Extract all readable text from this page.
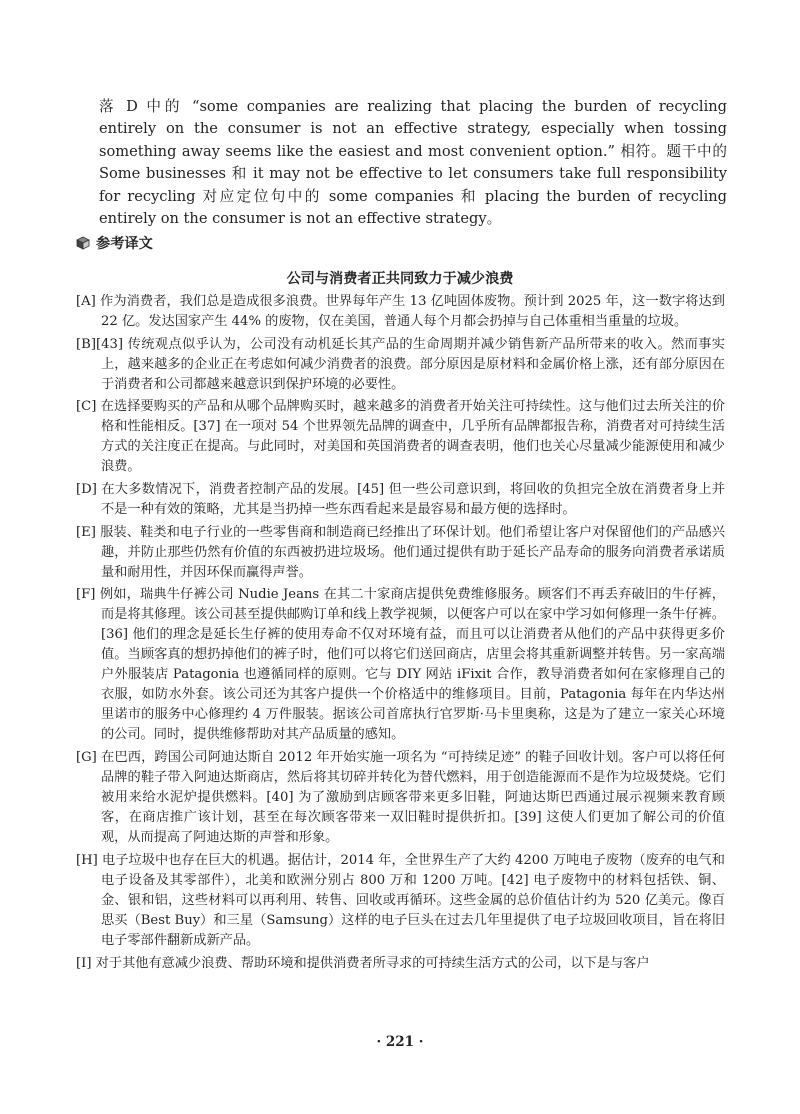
落 D 中的 “some companies are realizing that placing the burden of recycling entirely on the consumer is not an effective strategy, especially when tossing something away seems like the easiest and most convenient option.” 相符。题干中的 Some businesses 和 it may not be effective to let consumers take full responsibility for recycling 对应定位句中的 some companies 和 placing the burden of recycling entirely on the consumer is not an effective strategy。

参考译文
公司与消费者正共同致力于减少浪费

[A] 作为消费者，我们总是造成很多浪费。世界每年产生 13 亿吨固体废物。预计到 2025 年，这一数字将达到 22 亿。发达国家产生 44% 的废物，仅在美国，普通人每个月都会扔掉与自己体重相当重量的垃圾。

[B][43] 传统观点似乎认为，公司没有动机延长其产品的生命周期并减少销售新产品所带来的收入。然而事实上，越来越多的企业正在考虑如何减少消费者的浪费。部分原因是原材料和金属价格上涨，还有部分原因在于消费者和公司都越来越意识到保护环境的必要性。

[C] 在选择要购买的产品和从哪个品牌购买时，越来越多的消费者开始关注可持续性。这与他们过去所关注的价格和性能相反。[37] 在一项对 54 个世界领先品牌的调查中，几乎所有品牌都报告称，消费者对可持续生活方式的关注度正在提高。与此同时，对美国和英国消费者的调查表明，他们也关心尽量减少能源使用和减少浪费。

[D] 在大多数情况下，消费者控制产品的发展。[45] 但一些公司意识到，将回收的负担完全放在消费者身上并不是一种有效的策略，尤其是当扔掉一些东西看起来是最容易和最方便的选择时。

[E] 服装、鞋类和电子行业的一些零售商和制造商已经推出了环保计划。他们希望让客户对保留他们的产品感兴趣，并防止那些仍然有价值的东西被扔进垃圾场。他们通过提供有助于延长产品寿命的服务向消费者承诺质量和耐用性，并因环保而赢得声誉。

[F] 例如，瑞典牛仔裤公司 Nudie Jeans 在其二十家商店提供免费维修服务。顾客们不再丢弃破旧的牛仔裤，而是将其修理。该公司甚至提供邮购订单和线上教学视频，以便客户可以在家中学习如何修理一条牛仔裤。[36] 他们的理念是延长生仔裤的使用寿命不仅对环境有益，而且可以让消费者从他们的产品中获得更多价值。当顾客真的想扔掉他们的裤子时，他们可以将它们送回商店，店里会将其重新调整并转售。另一家高端户外服装店 Patagonia 也遵循同样的原则。它与 DIY 网站 iFixit 合作，教导消费者如何在家修理自己的衣服，如防水外套。该公司还为其客户提供一个价格适中的维修项目。目前，Patagonia 每年在内华达州里诺市的服务中心修理约 4 万件服装。据该公司首席执行官罗斯·马卡里奥称，这是为了建立一家关心环境的公司。同时，提供维修帮助对其产品质量的感知。

[G] 在巴西，跨国公司阿迪达斯自 2012 年开始实施一项名为 “可持续足迹” 的鞋子回收计划。客户可以将任何品牌的鞋子带入阿迪达斯商店，然后将其切碎并转化为替代燃料，用于创造能源而不是作为垃圾焚烧。它们被用来给水泥炉提供燃料。[40] 为了激励到店顾客带来更多旧鞋，阿迪达斯巴西通过展示视频来教育顾客，在商店推广该计划，甚至在每次顾客带来一双旧鞋时提供折扣。[39] 这使人们更加了解公司的价值观，从而提高了阿迪达斯的声誉和形象。

[H] 电子垃圾中也存在巨大的机遇。据估计，2014 年，全世界生产了大约 4200 万吨电子废物（废弃的电气和电子设备及其零部件），北美和欧洲分别占 800 万和 1200 万吨。[42] 电子废物中的材料包括铁、铜、金、银和铝，这些材料可以再利用、转售、回收或再循环。这些金属的总价值估计约为 520 亿美元。像百思买（Best Buy）和三星（Samsung）这样的电子巨头在过去几年里提供了电子垃圾回收项目，旨在将旧电子零部件翻新成新产品。

[I] 对于其他有意减少浪费、帮助环境和提供消费者所寻求的可持续生活方式的公司，以下是与客户

· 221 ·
